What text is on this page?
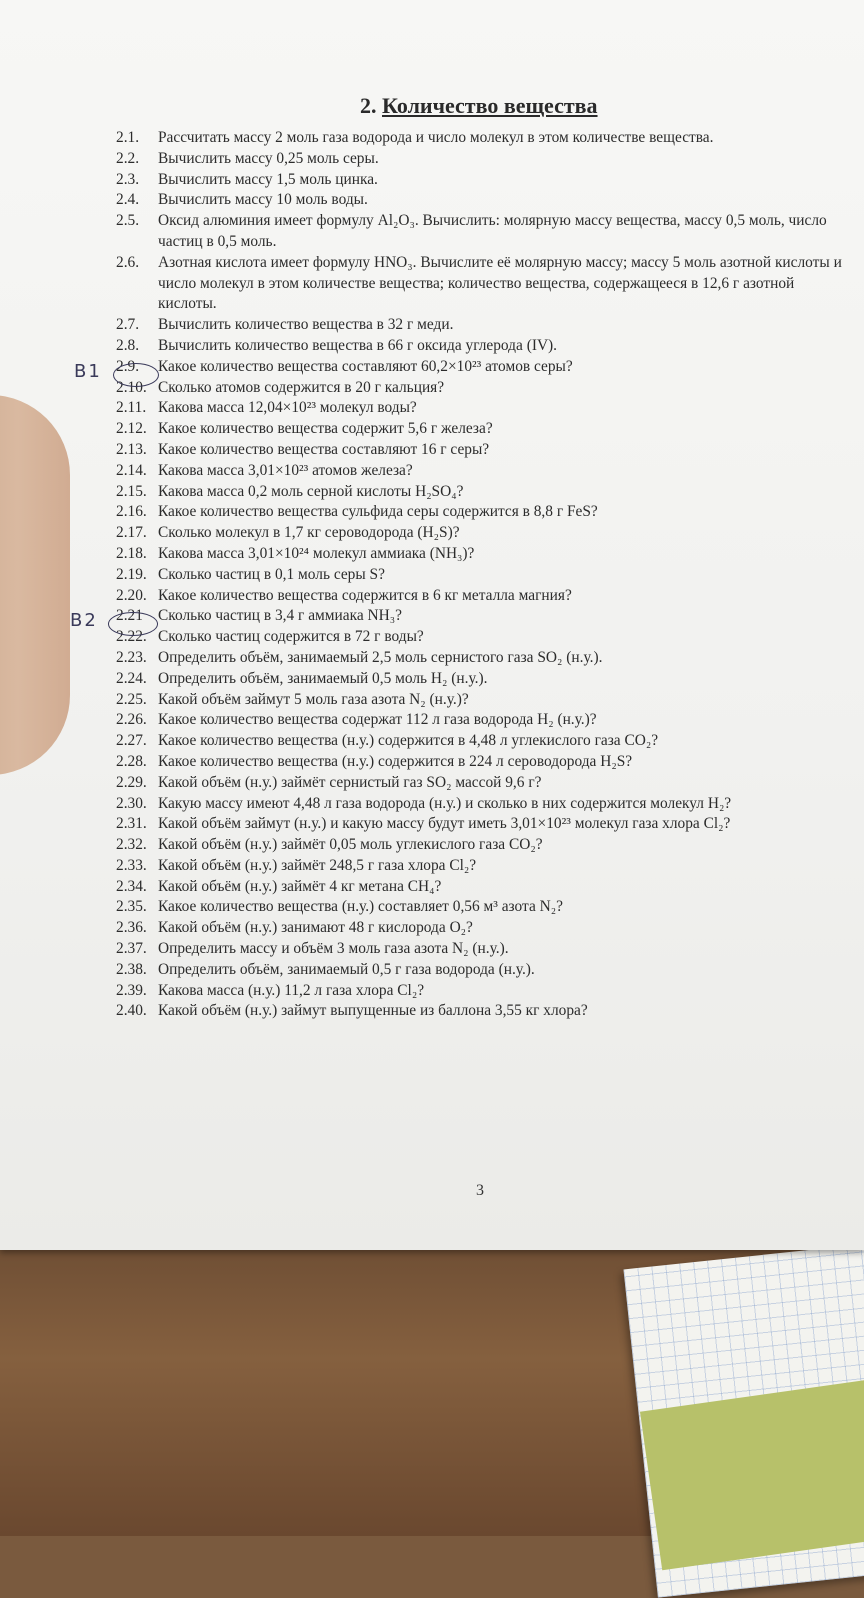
2. Количество вещества
2.1.	Рассчитать массу 2 моль газа водорода и число молекул в этом количестве вещества.
2.2.	Вычислить массу 0,25 моль серы.
2.3.	Вычислить массу 1,5 моль цинка.
2.4.	Вычислить массу 10 моль воды.
2.5.	Оксид алюминия имеет формулу Al₂O₃. Вычислить: молярную массу вещества, массу 0,5 моль, число частиц в 0,5 моль.
2.6.	Азотная кислота имеет формулу HNO₃. Вычислите её молярную массу; массу 5 моль азотной кислоты и число молекул в этом количестве вещества; количество вещества, содержащееся в 12,6 г азотной кислоты.
2.7.	Вычислить количество вещества в 32 г меди.
2.8.	Вычислить количество вещества в 66 г оксида углерода (IV).
2.9.	Какое количество вещества составляют 60,2×10²³ атомов серы?
2.10. Сколько атомов содержится в 20 г кальция?
2.11. Какова масса 12,04×10²³ молекул воды?
2.12. Какое количество вещества содержит 5,6 г железа?
2.13. Какое количество вещества составляют 16 г серы?
2.14. Какова масса 3,01×10²³ атомов железа?
2.15. Какова масса 0,2 моль серной кислоты H₂SO₄?
2.16. Какое количество вещества сульфида серы содержится в 8,8 г FeS?
2.17. Сколько молекул в 1,7 кг сероводорода (H₂S)?
2.18. Какова масса 3,01×10²⁴ молекул аммиака (NH₃)?
2.19. Сколько частиц в 0,1 моль серы S?
2.20. Какое количество вещества содержится в 6 кг металла магния?
2.21 Сколько частиц в 3,4 г аммиака NH₃?
2.22. Сколько частиц содержится в 72 г воды?
2.23. Определить объём, занимаемый 2,5 моль сернистого газа SO₂ (н.у.).
2.24. Определить объём, занимаемый 0,5 моль H₂ (н.у.).
2.25. Какой объём займут 5 моль газа азота N₂ (н.у.)?
2.26. Какое количество вещества содержат 112 л газа водорода H₂ (н.у.)?
2.27. Какое количество вещества (н.у.) содержится в 4,48 л углекислого газа CO₂?
2.28. Какое количество вещества (н.у.) содержится в 224 л сероводорода H₂S?
2.29. Какой объём (н.у.) займёт сернистый газ SO₂ массой 9,6 г?
2.30. Какую массу имеют 4,48 л газа водорода (н.у.) и сколько в них содержится молекул H₂?
2.31. Какой объём займут (н.у.) и какую массу будут иметь 3,01×10²³ молекул газа хлора Cl₂?
2.32. Какой объём (н.у.) займёт 0,05 моль углекислого газа CO₂?
2.33. Какой объём (н.у.) займёт 248,5 г газа хлора Cl₂?
2.34. Какой объём (н.у.) займёт 4 кг метана CH₄?
2.35. Какое количество вещества (н.у.) составляет 0,56 м³ азота N₂?
2.36. Какой объём (н.у.) занимают 48 г кислорода O₂?
2.37. Определить массу и объём 3 моль газа азота N₂ (н.у.).
2.38. Определить объём, занимаемый 0,5 г газа водорода (н.у.).
2.39. Какова масса (н.у.) 11,2 л газа хлора Cl₂?
2.40. Какой объём (н.у.) займут выпущенные из баллона 3,55 кг хлора?
В1
В2
3
